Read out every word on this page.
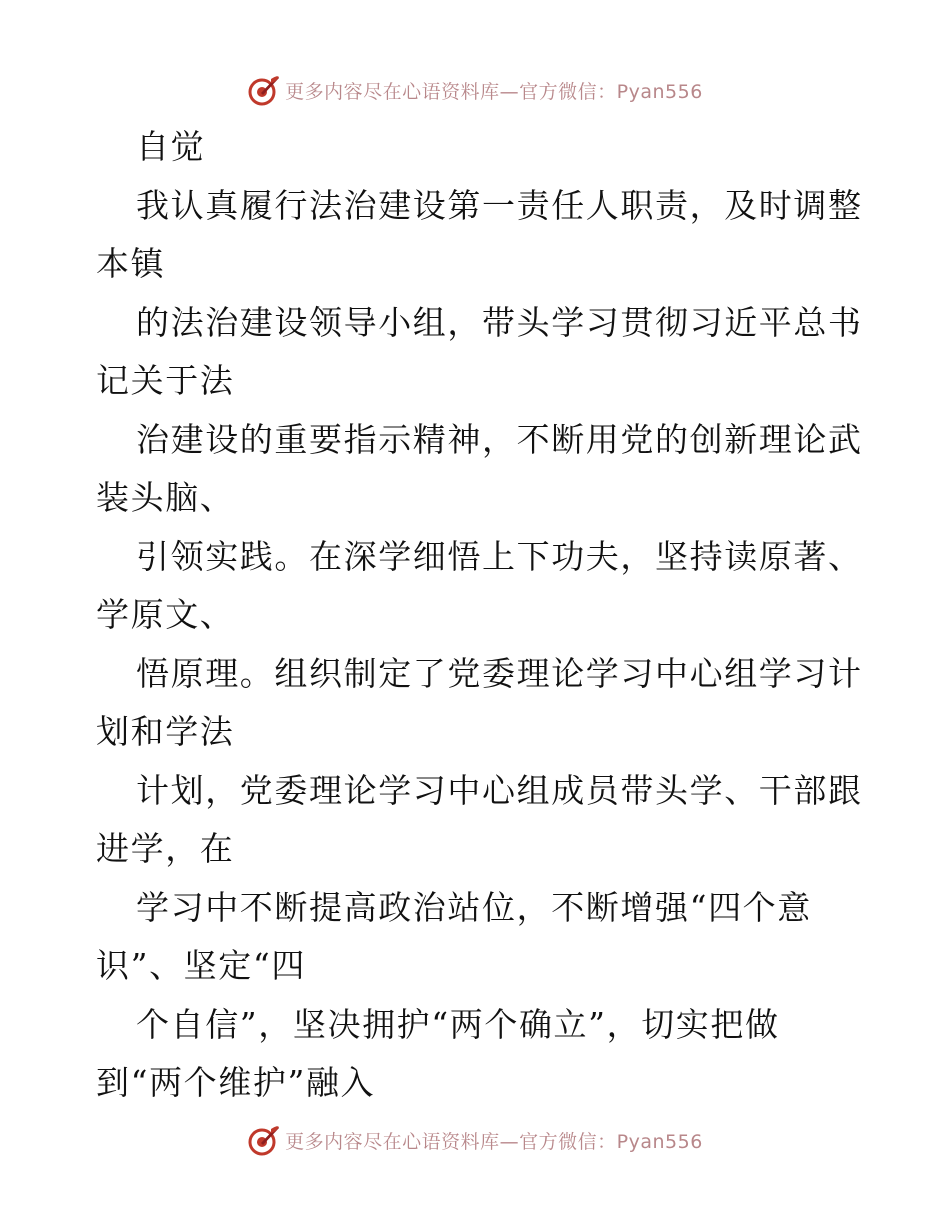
更多内容尽在心语资料库—官方微信：Pyan556
自觉
我认真履行法治建设第一责任人职责，及时调整
本镇
的法治建设领导小组，带头学习贯彻习近平总书
记关于法
治建设的重要指示精神，不断用党的创新理论武
装头脑、
引领实践。在深学细悟上下功夫，坚持读原著、
学原文、
悟原理。组织制定了党委理论学习中心组学习计
划和学法
计划，党委理论学习中心组成员带头学、干部跟
进学，在
学习中不断提高政治站位，不断增强“四个意
识”、坚定“四
个自信”，坚决拥护“两个确立”，切实把做
到“两个维护”融入
更多内容尽在心语资料库—官方微信：Pyan556
